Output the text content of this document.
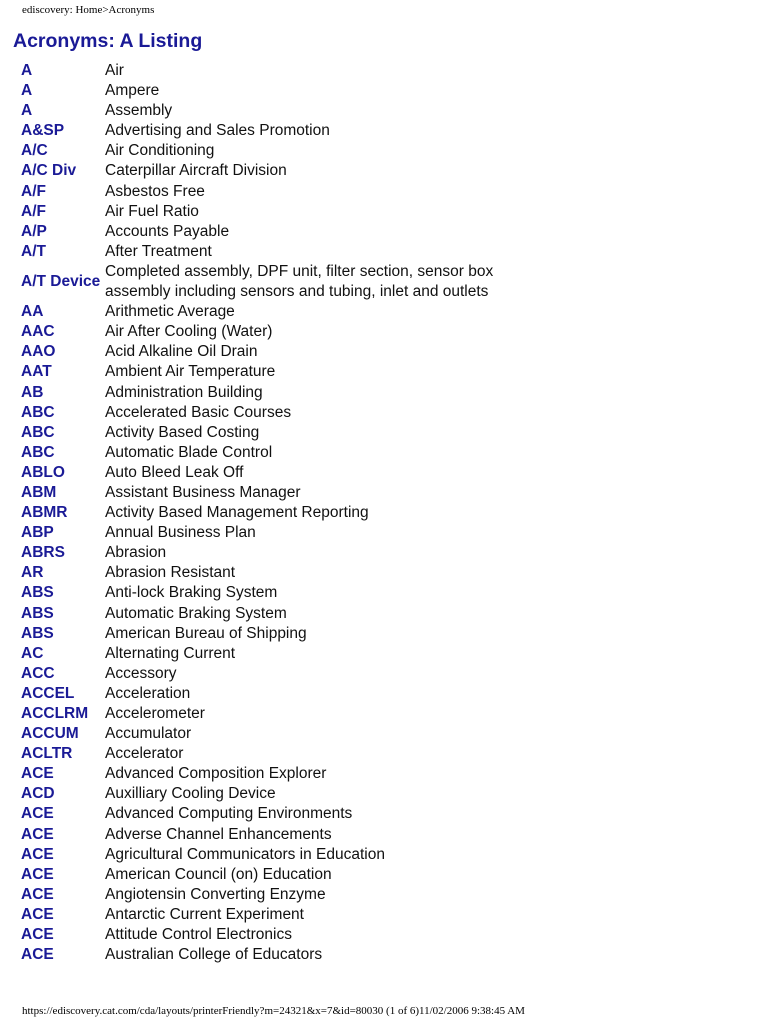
ediscovery: Home>Acronyms
Acronyms: A Listing
A	Air
A	Ampere
A	Assembly
A&SP	Advertising and Sales Promotion
A/C	Air Conditioning
A/C Div	Caterpillar Aircraft Division
A/F	Asbestos Free
A/F	Air Fuel Ratio
A/P	Accounts Payable
A/T	After Treatment
A/T Device	Completed assembly, DPF unit, filter section, sensor box assembly including sensors and tubing, inlet and outlets
AA	Arithmetic Average
AAC	Air After Cooling (Water)
AAO	Acid Alkaline Oil Drain
AAT	Ambient Air Temperature
AB	Administration Building
ABC	Accelerated Basic Courses
ABC	Activity Based Costing
ABC	Automatic Blade Control
ABLO	Auto Bleed Leak Off
ABM	Assistant Business Manager
ABMR	Activity Based Management Reporting
ABP	Annual Business Plan
ABRS	Abrasion
AR	Abrasion Resistant
ABS	Anti-lock Braking System
ABS	Automatic Braking System
ABS	American Bureau of Shipping
AC	Alternating Current
ACC	Accessory
ACCEL	Acceleration
ACCLRM	Accelerometer
ACCUM	Accumulator
ACLTR	Accelerator
ACE	Advanced Composition Explorer
ACD	Auxilliary Cooling Device
ACE	Advanced Computing Environments
ACE	Adverse Channel Enhancements
ACE	Agricultural Communicators in Education
ACE	American Council (on) Education
ACE	Angiotensin Converting Enzyme
ACE	Antarctic Current Experiment
ACE	Attitude Control Electronics
ACE	Australian College of Educators
https://ediscovery.cat.com/cda/layouts/printerFriendly?m=24321&x=7&id=80030 (1 of 6)11/02/2006 9:38:45 AM
